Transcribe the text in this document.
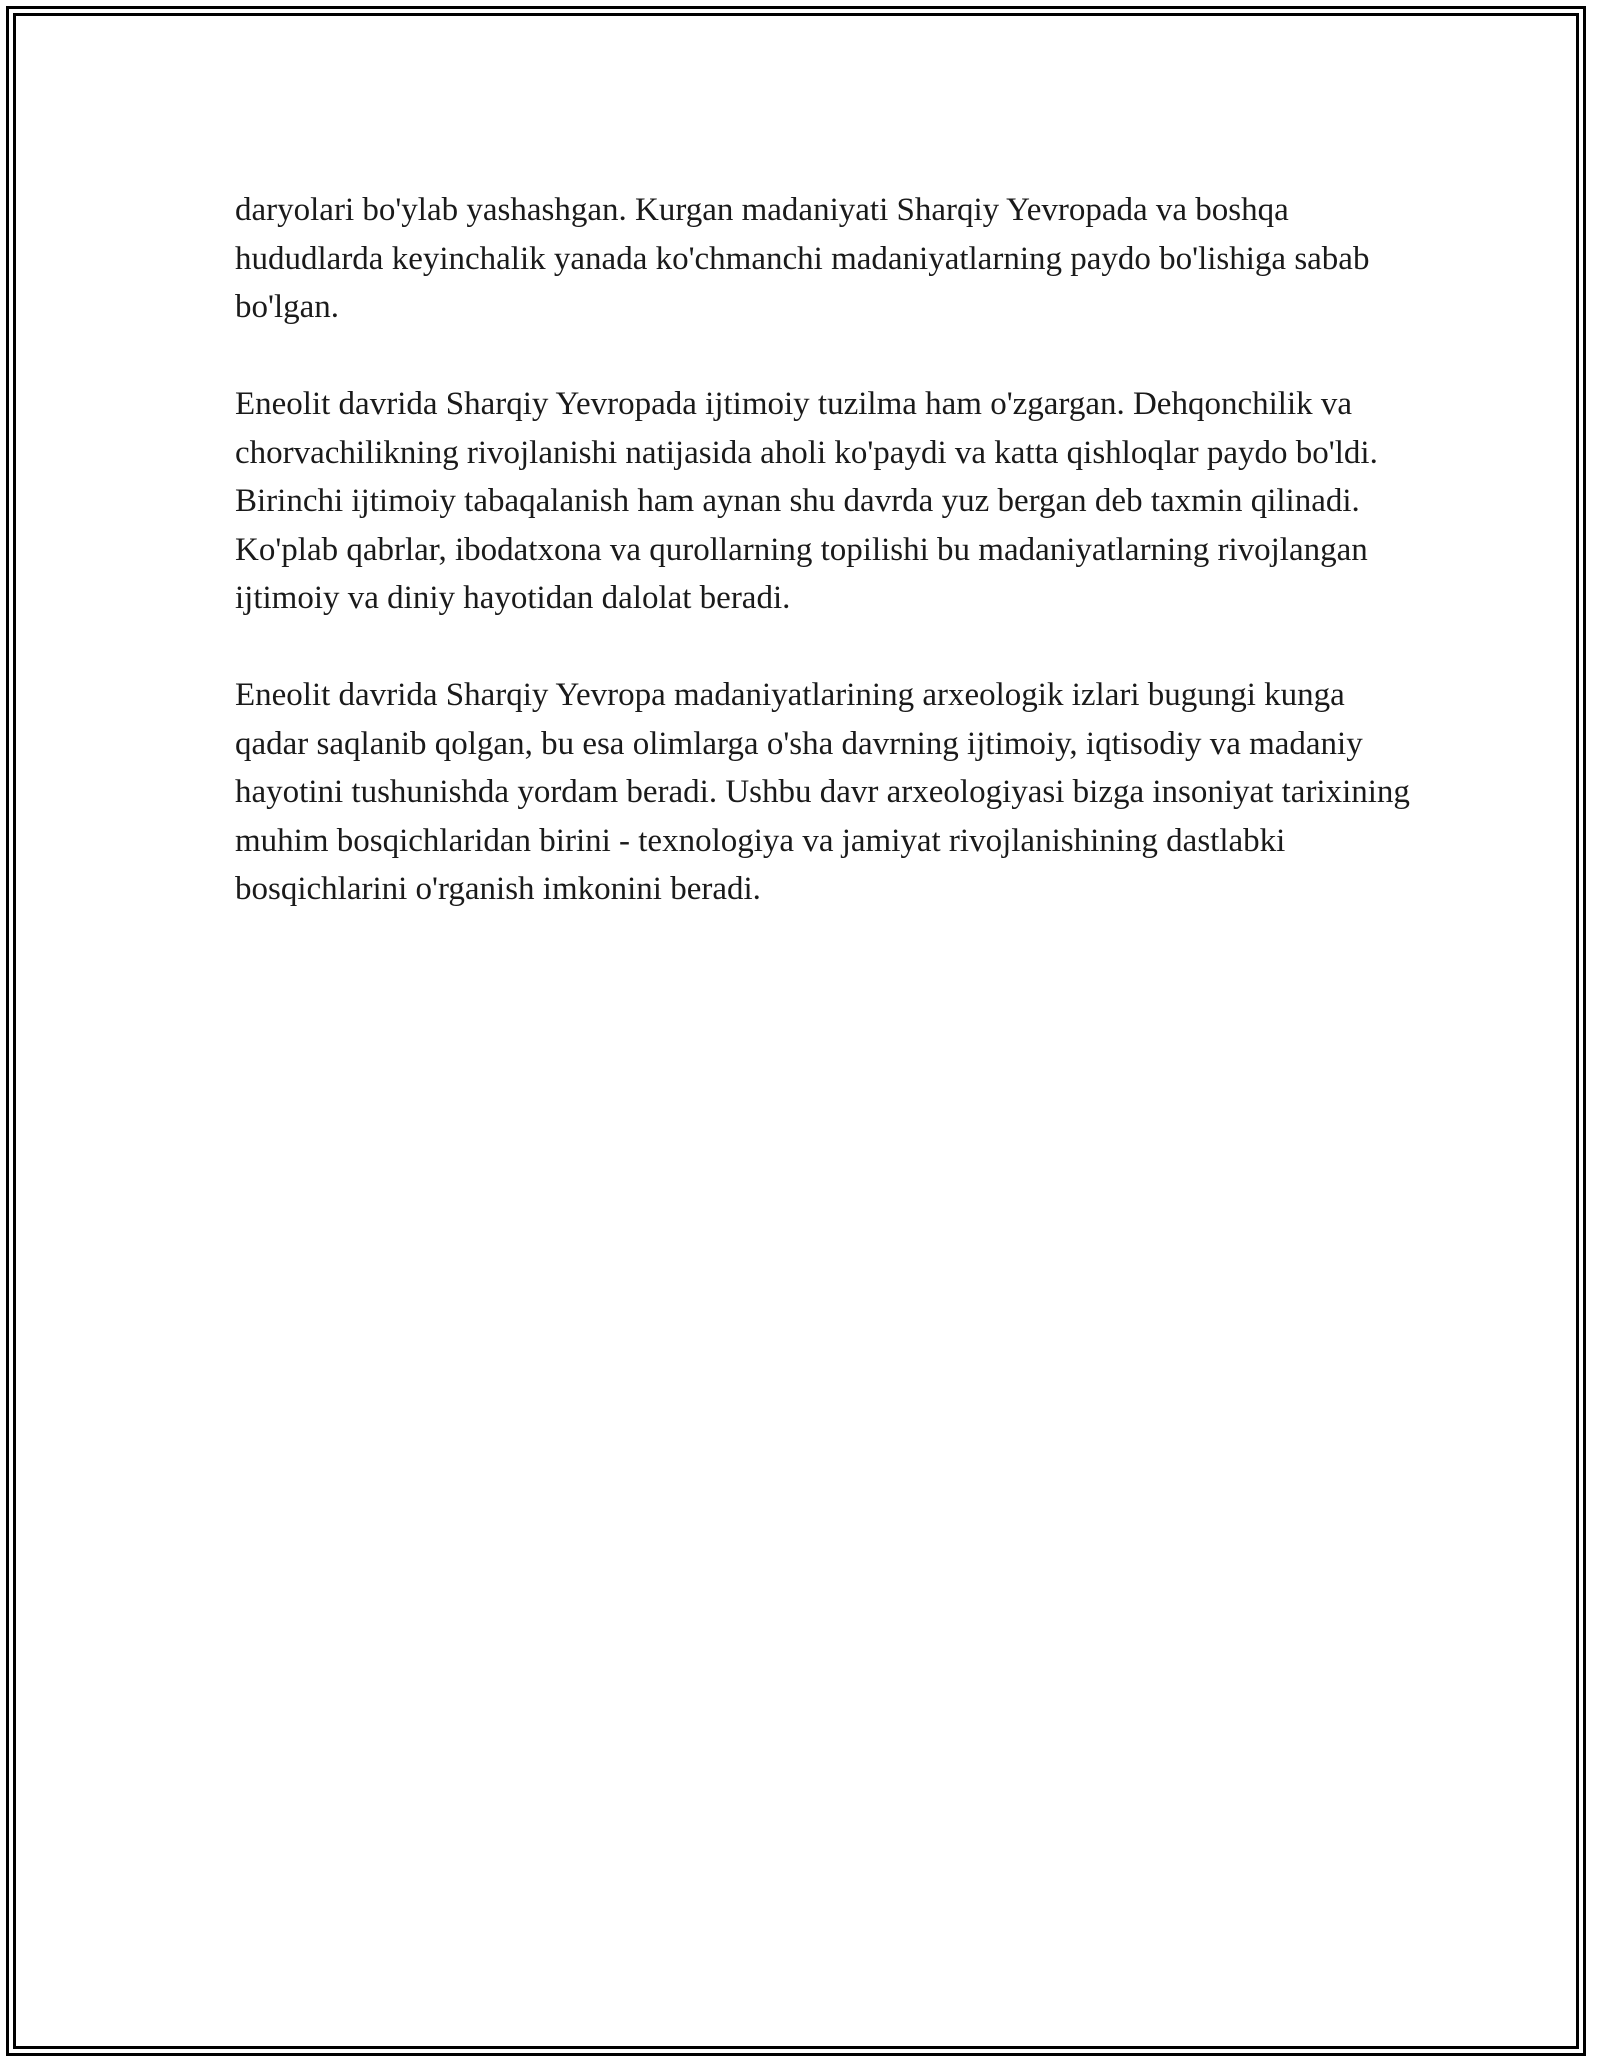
daryolari bo'ylab yashashgan. Kurgan madaniyati Sharqiy Yevropada va boshqa hududlarda keyinchalik yanada ko'chmanchi madaniyatlarning paydo bo'lishiga sabab bo'lgan.

Eneolit davrida Sharqiy Yevropada ijtimoiy tuzilma ham o'zgargan. Dehqonchilik va chorvachilikning rivojlanishi natijasida aholi ko'paydi va katta qishloqlar paydo bo'ldi. Birinchi ijtimoiy tabaqalanish ham aynan shu davrda yuz bergan deb taxmin qilinadi. Ko'plab qabrlar, ibodatxona va qurollarning topilishi bu madaniyatlarning rivojlangan ijtimoiy va diniy hayotidan dalolat beradi.

Eneolit davrida Sharqiy Yevropa madaniyatlarining arxeologik izlari bugungi kunga qadar saqlanib qolgan, bu esa olimlarga o'sha davrning ijtimoiy, iqtisodiy va madaniy hayotini tushunishda yordam beradi. Ushbu davr arxeologiyasi bizga insoniyat tarixining muhim bosqichlaridan birini - texnologiya va jamiyat rivojlanishining dastlabki bosqichlarini o'rganish imkonini beradi.
